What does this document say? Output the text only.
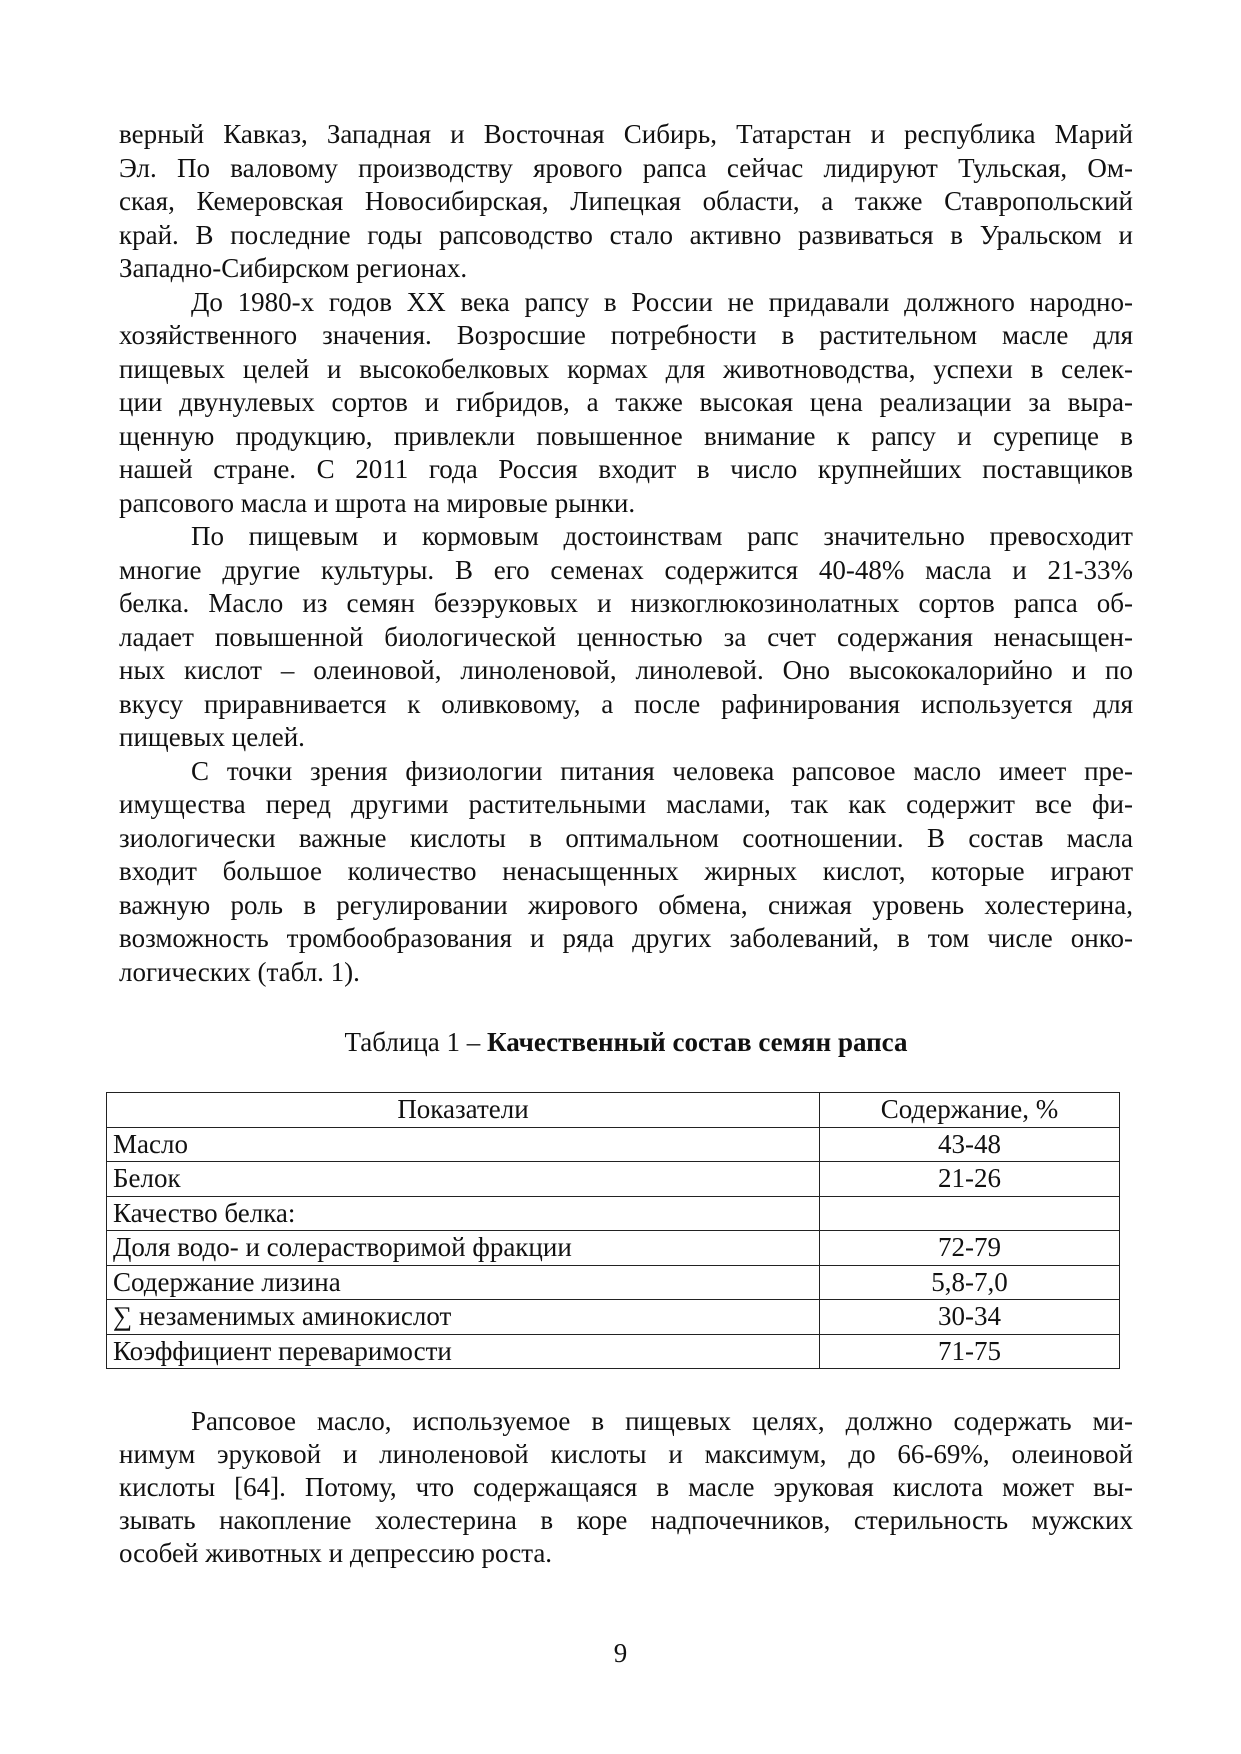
верный Кавказ, Западная и Восточная Сибирь, Татарстан и республика Марий
Эл. По валовому производству ярового рапса сейчас лидируют Тульская, Ом-
ская, Кемеровская Новосибирская, Липецкая области, а также Ставропольский
край. В последние годы рапсоводство стало активно развиваться в Уральском и
Западно-Сибирском регионах.
До 1980-х годов XX века рапсу в России не придавали должного народно-
хозяйственного значения. Возросшие потребности в растительном масле для
пищевых целей и высокобелковых кормах для животноводства, успехи в селек-
ции двунулевых сортов и гибридов, а также высокая цена реализации за выра-
щенную продукцию, привлекли повышенное внимание к рапсу и сурепице в
нашей стране. С 2011 года Россия входит в число крупнейших поставщиков
рапсового масла и шрота на мировые рынки.
По пищевым и кормовым достоинствам рапс значительно превосходит
многие другие культуры. В его семенах содержится 40-48% масла и 21-33%
белка. Масло из семян безэруковых и низкоглюкозинолатных сортов рапса об-
ладает повышенной биологической ценностью за счет содержания ненасыщен-
ных кислот – олеиновой, линоленовой, линолевой. Оно высококалорийно и по
вкусу приравнивается к оливковому, а после рафинирования используется для
пищевых целей.
С точки зрения физиологии питания человека рапсовое масло имеет пре-
имущества перед другими растительными маслами, так как содержит все фи-
зиологически важные кислоты в оптимальном соотношении. В состав масла
входит большое количество ненасыщенных жирных кислот, которые играют
важную роль в регулировании жирового обмена, снижая уровень холестерина,
возможность тромбообразования и ряда других заболеваний, в том числе онко-
логических (табл. 1).
Таблица 1 – Качественный состав семян рапса
Показатели	Содержание, %
Масло	43-48
Белок	21-26
Качество белка:	
Доля водо- и солерастворимой фракции	72-79
Содержание лизина	5,8-7,0
∑ незаменимых аминокислот	30-34
Коэффициент переваримости	71-75
Рапсовое масло, используемое в пищевых целях, должно содержать ми-
нимум эруковой и линоленовой кислоты и максимум, до 66-69%, олеиновой
кислоты [64]. Потому, что содержащаяся в масле эруковая кислота может вы-
зывать накопление холестерина в коре надпочечников, стерильность мужских
особей животных и депрессию роста.
9
